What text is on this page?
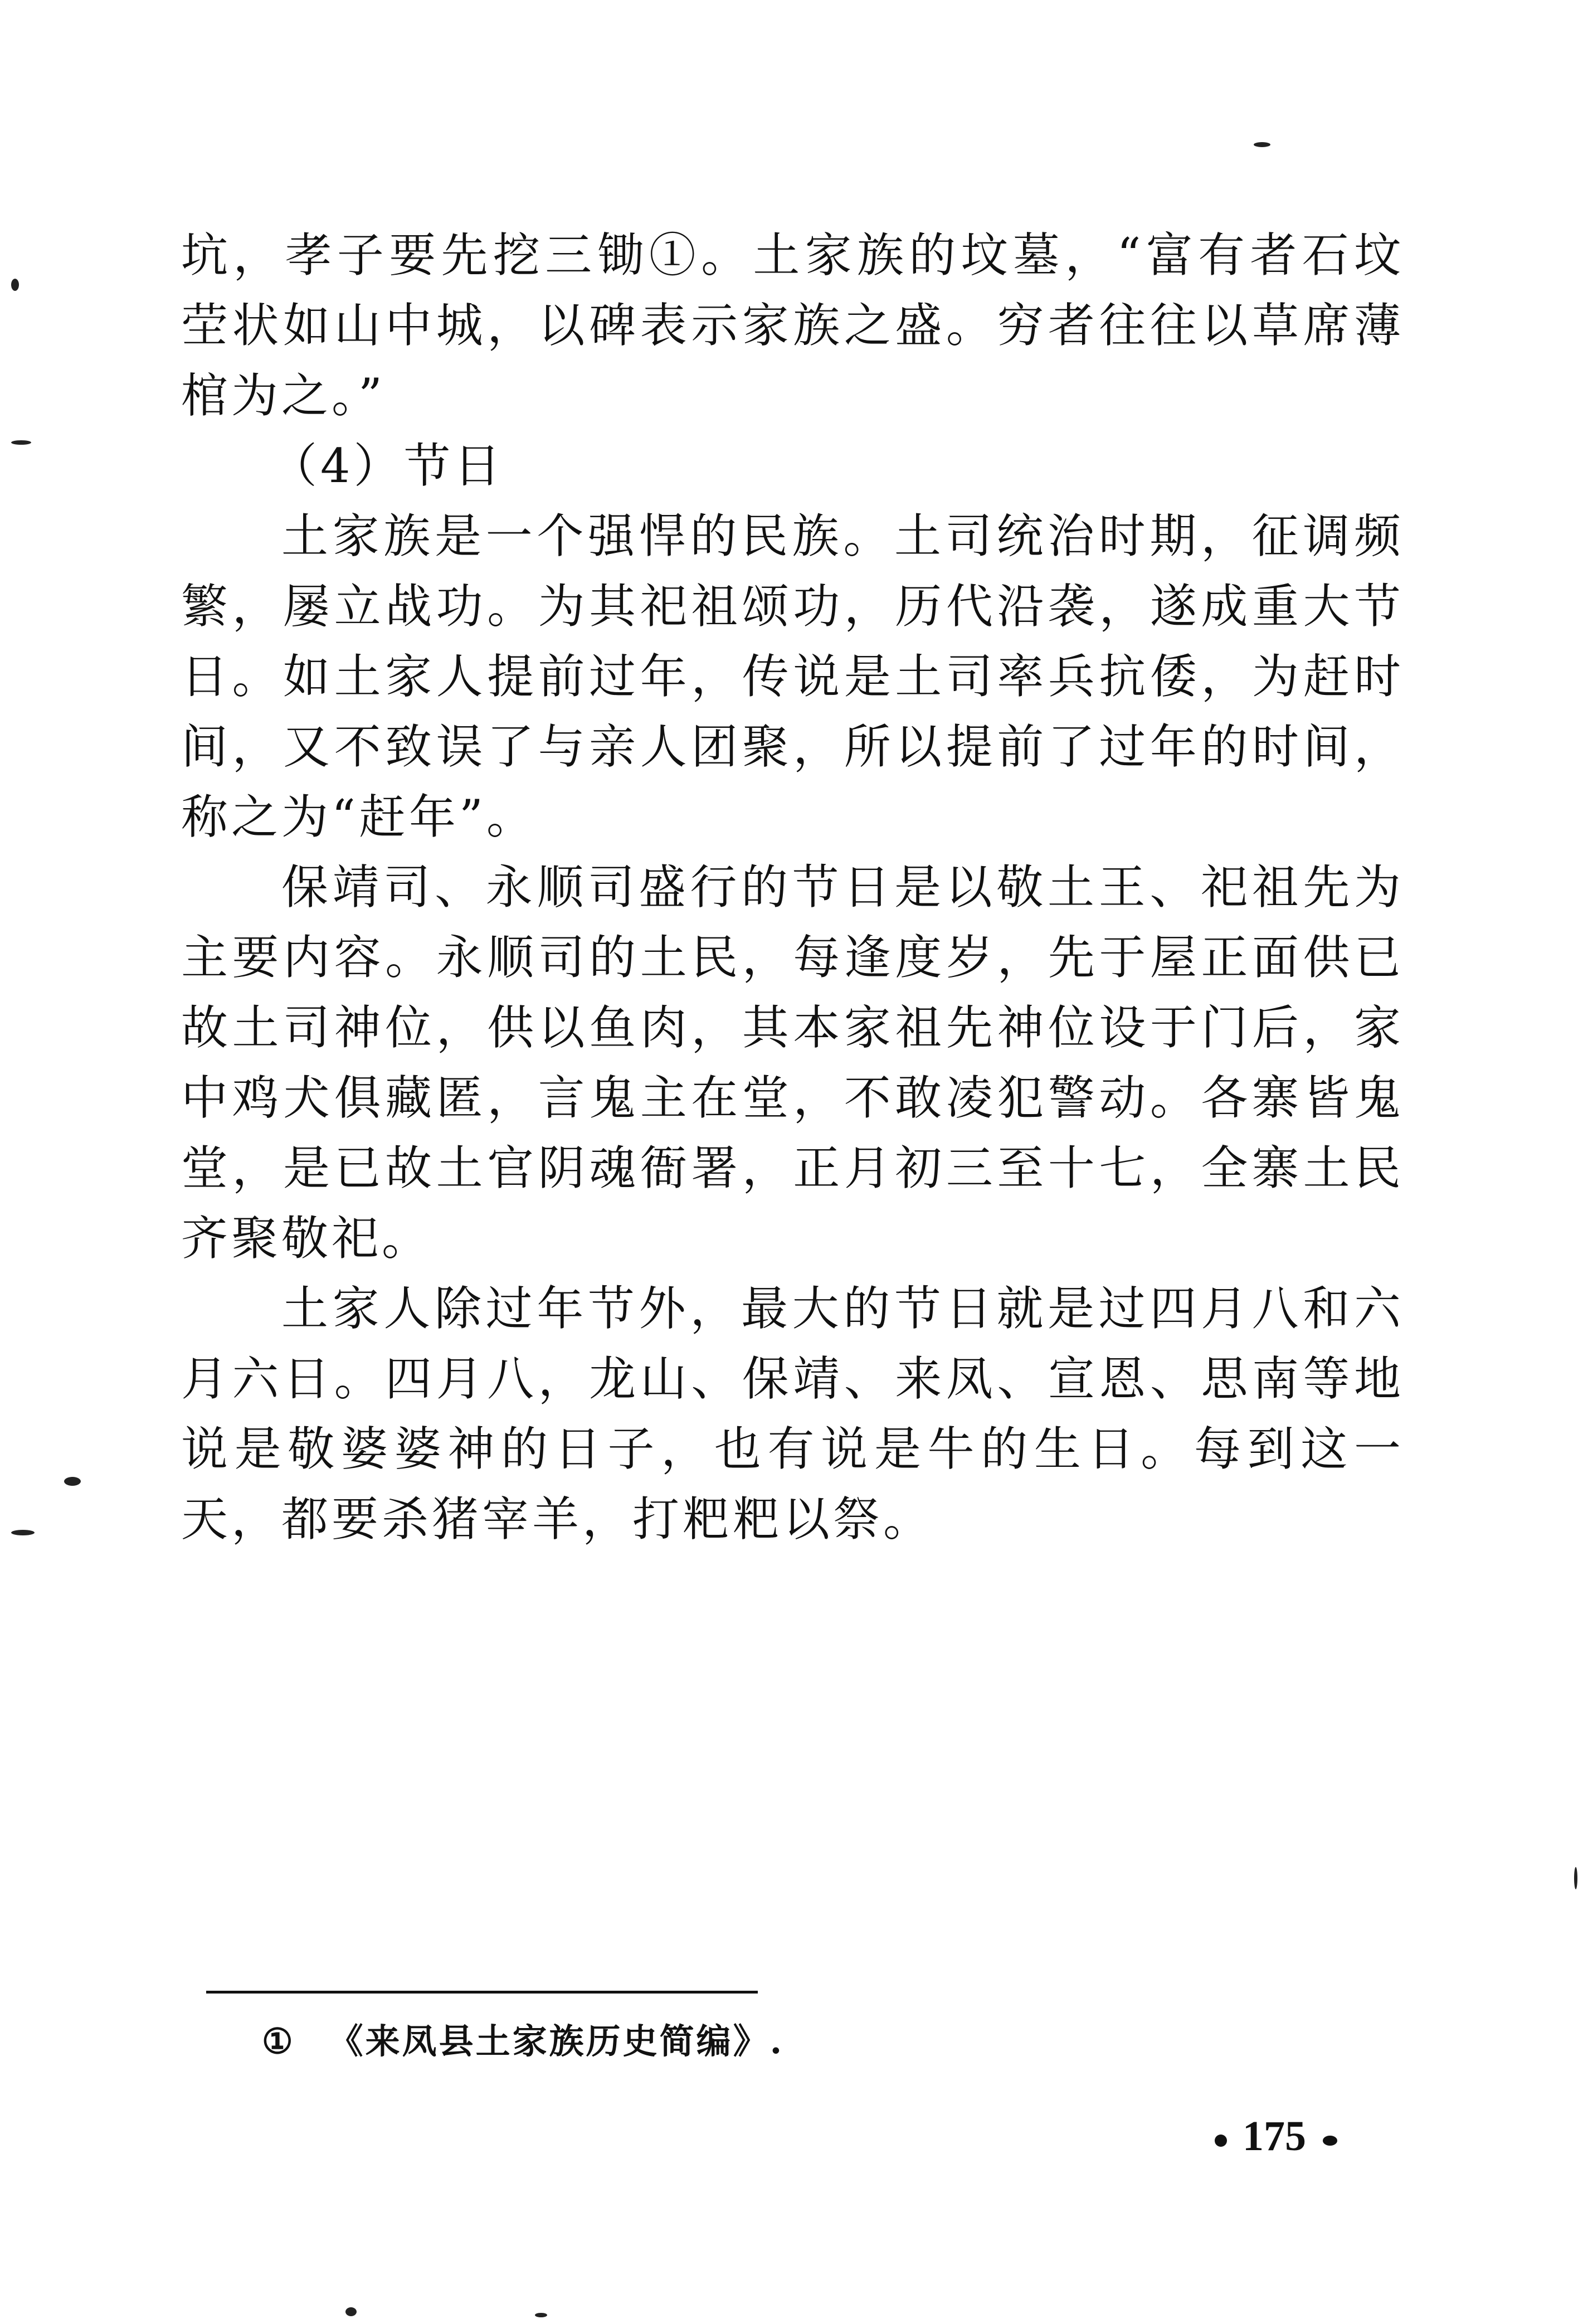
坑，孝子要先挖三锄①。土家族的坟墓，“富有者石坟茔状如山中城，以碑表示家族之盛。穷者往往以草席薄棺为之。”

（4）节日

土家族是一个强悍的民族。土司统治时期，征调频繁，屡立战功。为其祀祖颂功，历代沿袭，遂成重大节日。如土家人提前过年，传说是土司率兵抗倭，为赶时间，又不致误了与亲人团聚，所以提前了过年的时间，称之为“赶年”。

保靖司、永顺司盛行的节日是以敬土王、祀祖先为主要内容。永顺司的土民，每逢度岁，先于屋正面供已故土司神位，供以鱼肉，其本家祖先神位设于门后，家中鸡犬俱藏匿，言鬼主在堂，不敢凌犯警动。各寨皆鬼堂，是已故土官阴魂衙署，正月初三至十七，全寨土民齐聚敬祀。

土家人除过年节外，最大的节日就是过四月八和六月六日。四月八，龙山、保靖、来凤、宣恩、思南等地说是敬婆婆神的日子，也有说是牛的生日。每到这一天，都要杀猪宰羊，打粑粑以祭。

① 《来凤县土家族历史简编》.
175
